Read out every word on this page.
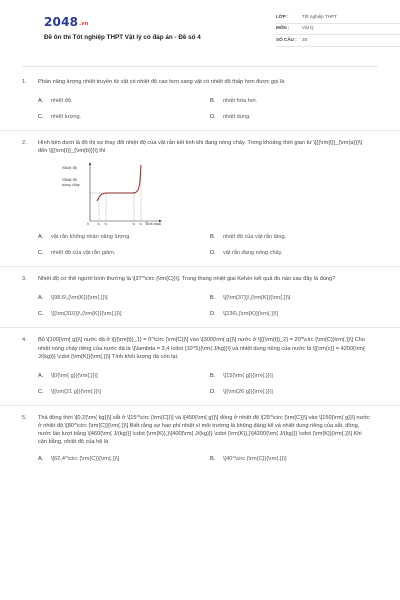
2048.vn
Đề ôn thi Tốt nghiệp THPT Vật lý có đáp án - Đề số 4
LỚP :	Tốt nghiệp THPT
MÔN :	Vật lý
SỐ CÂU :	28
1.	Phần năng lượng nhiệt truyền từ vật có nhiệt độ cao hơn sang vật có nhiệt độ thấp hơn được gọi là
A.	nhiệt độ.	B.	nhiệt hóa hơi.
C.	nhiệt lượng.	D.	nhiệt dung.
2.	Hình bên dưới là đồ thị sự thay đổi nhiệt độ của vật rắn kết tinh khi đang nóng chảy. Trong khoảng thời gian từ \[{{\rm{t}}_{\rm{a}}}\] đến \[{{\rm{t}}_{\rm{b}}}\] thì
Nhiệt độ
Nhiệt độ
nóng chảy
0 t₀ t₁	t₂ t₃ Thời gian
A.	vật rắn không nhận năng lượng.	B.	nhiệt độ của vật rắn tăng.
C.	nhiệt độ của vật rắn giảm.	D.	vật rắn đang nóng chảy.
3.	Nhiệt độ cơ thể người bình thường là \[37^\circ {\rm{C}}\]. Trong thang nhiệt giai Kelvin kết quả đo nào sau đây là đúng?
A.	\[98,6\,{\rm{K}}{\rm{.}}\]	B.	\[{\rm{37}}\,{\rm{K}}{\rm{.}}\]
C.	\[{\rm{310}}\,{\rm{K}}{\rm{.}}\]	D.	\[236\,{\rm{K}}{\rm{.}}\]
4.	Bỏ \[100{\rm{ g}}\] nước đá ở \[{{\rm{t}}_1} = 0^\circ {\rm{C}}\] vào \[300{\rm{ g}}\] nước ở \[{{\rm{t}}_2} = 20^\circ {\rm{C}}\rm{.}}\] Cho nhiệt nóng chảy riêng của nước đá là \[\lambda = 3,4 \cdot {10^5}{\rm{ J/kg}}\] và nhiệt dung riêng của nước là \[{\rm{c}} = 4200{\rm{ J/(kg)}} \cdot {\rm{K}}{\rm{.}}\] Tính khối lượng đá còn lại.
A.	\[0{\rm{ g}}{\rm{.}}\]	B.	\[15{\rm{ g}}{\rm{.}}\]
C.	\[{\rm{21 g}}{\rm{.}}\]	D.	\[{\rm{26 g}}{\rm{.}}\]
5.	Thả đồng thời \[0,2{\rm{ kg}}\] sắt ở \[15^\circ {\rm{C}}\] và \[450{\rm{ g}}\] đồng ở nhiệt độ \[25^\circ {\rm{C}}\] vào \[150{\rm{ g}}\] nước ở nhiệt độ \[80^\circ {\rm{C}}{\rm{.}}\] Biết rằng sự hao phí nhiệt vì môi trường là không đáng kể và nhiệt dung riêng của sắt, đồng, nước lần lượt bằng \[460{\rm{ J/(kg)}} \cdot {\rm{K}},}\]400{\rm{ J/(kg)}} \cdot {\rm{K}},}\]4200{\rm{ J/(kg)}} \cdot {\rm{K}}{\rm{.}}\] Khi cân bằng, nhiệt độ của hệ là
A.	\[62,4^\circ {\rm{C}}{\rm{.}}\]	B.	\[40^\circ {\rm{C}}{\rm{.}}\]
